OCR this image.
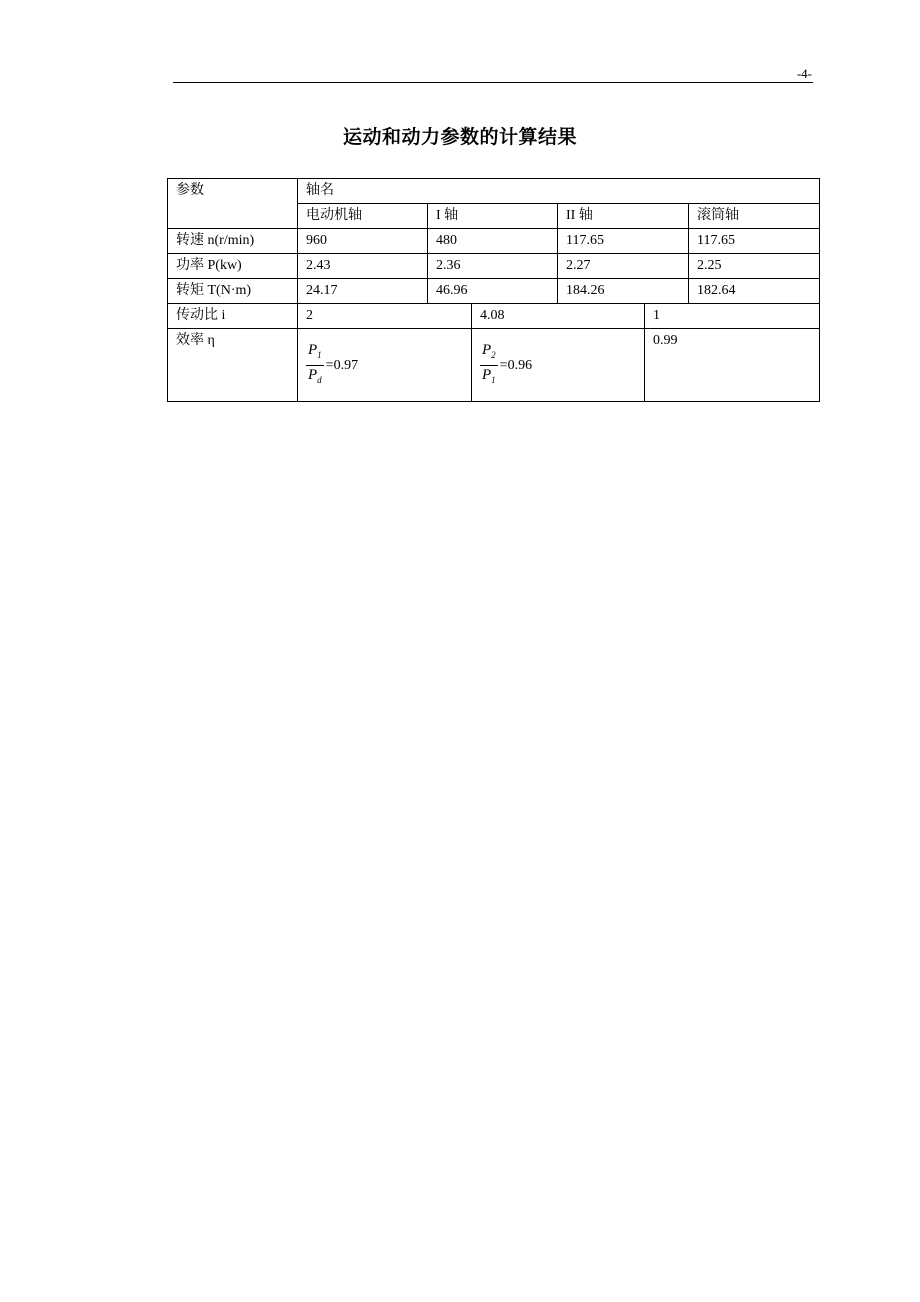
-4-
运动和动力参数的计算结果
参数	轴名					
	电动机轴	I 轴		II 轴		滚筒轴
转速 n(r/min)	960	480		117.65		117.65
功率 P(kw)	2.43	2.36		2.27		2.25
转矩 T(N·m)	24.17	46.96		184.26		182.64
传动比 i	2		4.08		1	
效率 η	$\frac{P_1}{P_d} =0.97$		$\frac{P_2}{P_1} =0.96$		0.99	
